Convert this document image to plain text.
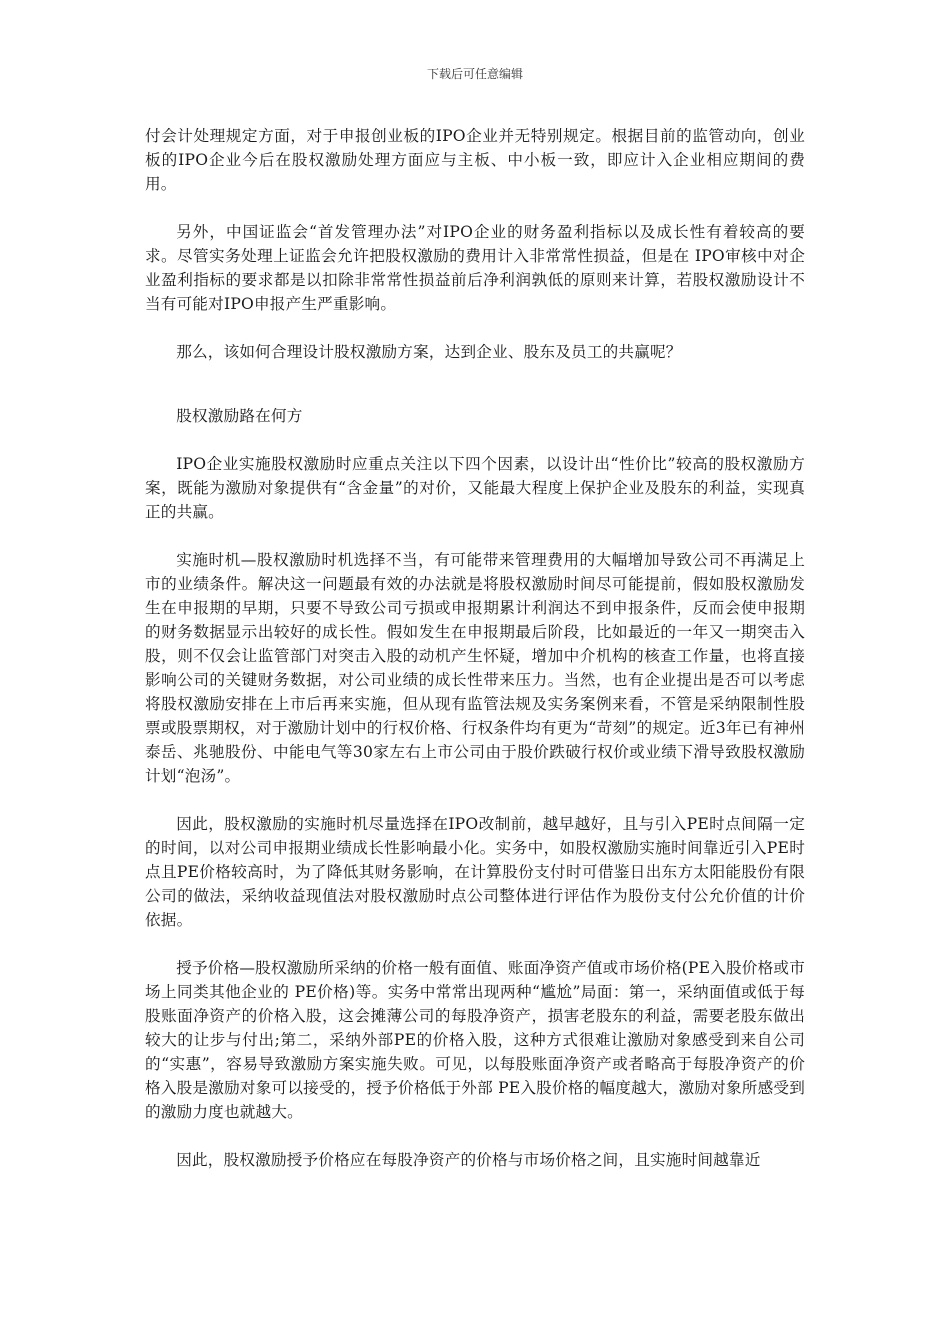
下载后可任意编辑

付会计处理规定方面，对于申报创业板的IPO企业并无特别规定。根据目前的监管动向，创业板的IPO企业今后在股权激励处理方面应与主板、中小板一致，即应计入企业相应期间的费用。

另外，中国证监会“首发管理办法”对IPO企业的财务盈利指标以及成长性有着较高的要求。尽管实务处理上证监会允许把股权激励的费用计入非常常性损益，但是在 IPO审核中对企业盈利指标的要求都是以扣除非常常性损益前后净利润孰低的原则来计算，若股权激励设计不当有可能对IPO申报产生严重影响。

那么，该如何合理设计股权激励方案，达到企业、股东及员工的共赢呢？

股权激励路在何方

IPO企业实施股权激励时应重点关注以下四个因素，以设计出“性价比”较高的股权激励方案，既能为激励对象提供有“含金量”的对价，又能最大程度上保护企业及股东的利益，实现真正的共赢。

实施时机—股权激励时机选择不当，有可能带来管理费用的大幅增加导致公司不再满足上市的业绩条件。解决这一问题最有效的办法就是将股权激励时间尽可能提前，假如股权激励发生在申报期的早期，只要不导致公司亏损或申报期累计利润达不到申报条件，反而会使申报期的财务数据显示出较好的成长性。假如发生在申报期最后阶段，比如最近的一年又一期突击入股，则不仅会让监管部门对突击入股的动机产生怀疑，增加中介机构的核查工作量，也将直接影响公司的关键财务数据，对公司业绩的成长性带来压力。当然，也有企业提出是否可以考虑将股权激励安排在上市后再来实施，但从现有监管法规及实务案例来看，不管是采纳限制性股票或股票期权，对于激励计划中的行权价格、行权条件均有更为“苛刻”的规定。近3年已有神州泰岳、兆驰股份、中能电气等30家左右上市公司由于股价跌破行权价或业绩下滑导致股权激励计划“泡汤”。

因此，股权激励的实施时机尽量选择在IPO改制前，越早越好，且与引入PE时点间隔一定的时间，以对公司申报期业绩成长性影响最小化。实务中，如股权激励实施时间靠近引入PE时点且PE价格较高时，为了降低其财务影响，在计算股份支付时可借鉴日出东方太阳能股份有限公司的做法，采纳收益现值法对股权激励时点公司整体进行评估作为股份支付公允价值的计价依据。

授予价格—股权激励所采纳的价格一般有面值、账面净资产值或市场价格(PE入股价格或市场上同类其他企业的 PE价格)等。实务中常常出现两种“尴尬”局面：第一，采纳面值或低于每股账面净资产的价格入股，这会摊薄公司的每股净资产，损害老股东的利益，需要老股东做出较大的让步与付出;第二，采纳外部PE的价格入股，这种方式很难让激励对象感受到来自公司的“实惠”，容易导致激励方案实施失败。可见，以每股账面净资产或者略高于每股净资产的价格入股是激励对象可以接受的，授予价格低于外部 PE入股价格的幅度越大，激励对象所感受到的激励力度也就越大。

因此，股权激励授予价格应在每股净资产的价格与市场价格之间，且实施时间越靠近
